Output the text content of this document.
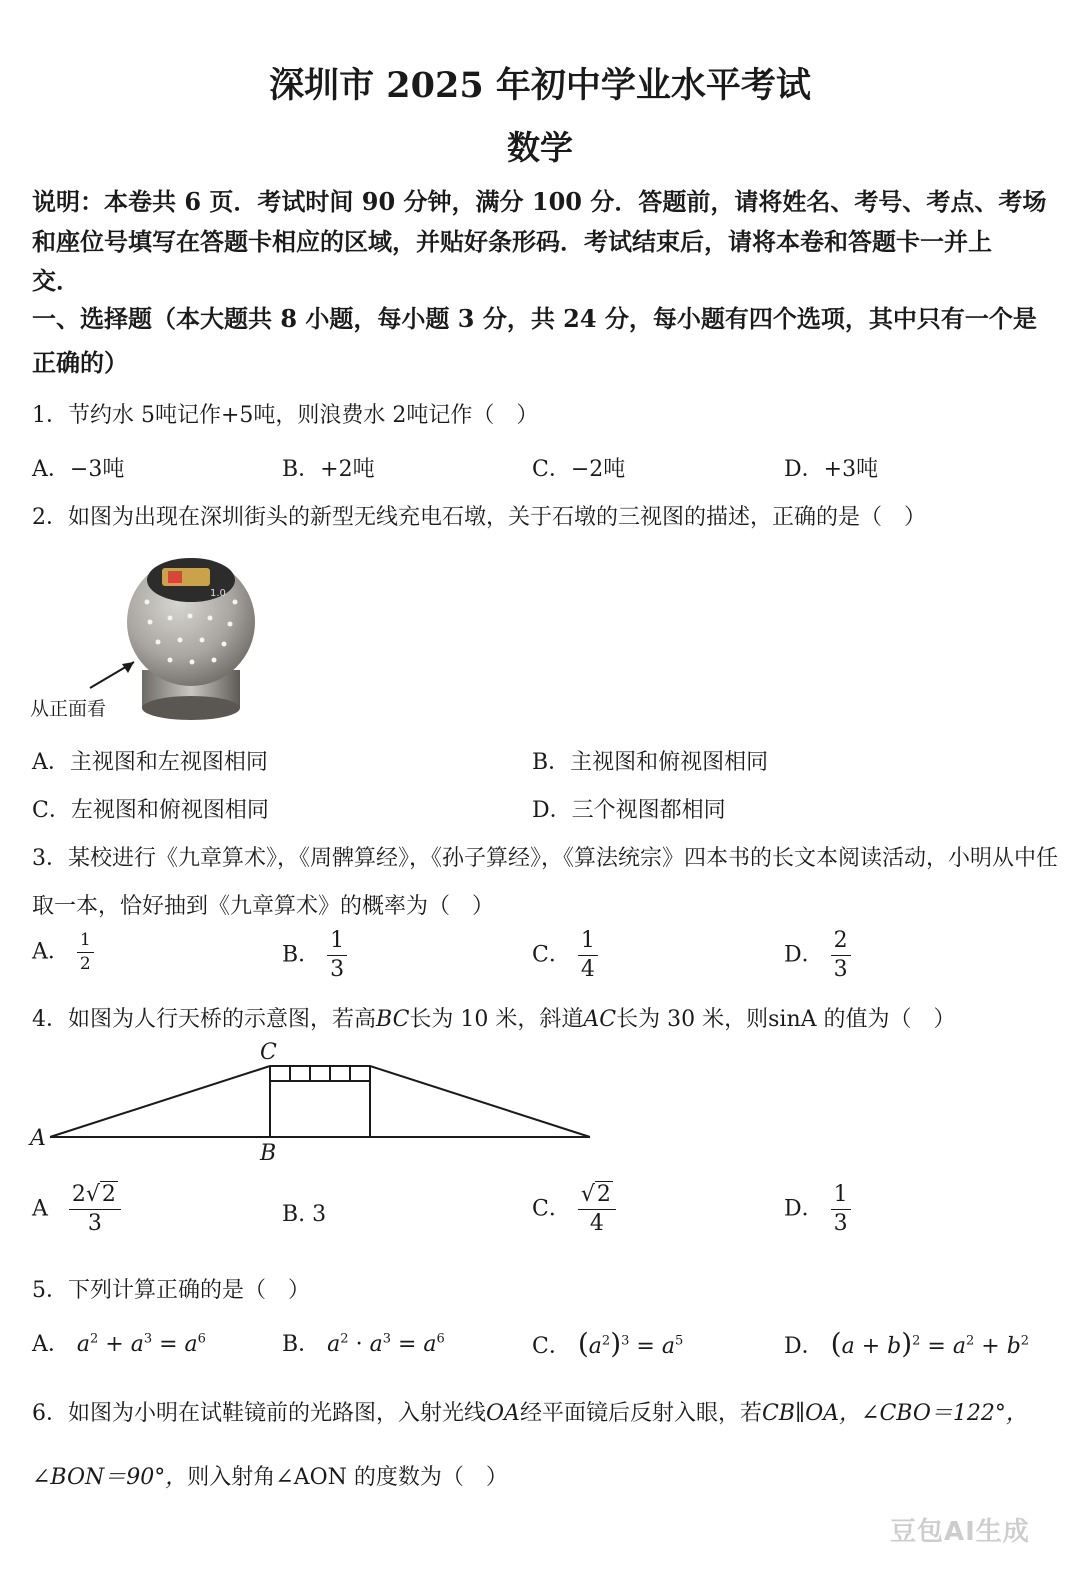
深圳市 2025 年初中学业水平考试
数学
说明：本卷共 6 页．考试时间 90 分钟，满分 100 分．答题前，请将姓名、考号、考点、考场
和座位号填写在答题卡相应的区域，并贴好条形码．考试结束后，请将本卷和答题卡一并上
交．
一、选择题（本大题共 8 小题，每小题 3 分，共 24 分，每小题有四个选项，其中只有一个是
正确的）
1．节约水 5吨记作+5吨，则浪费水 2吨记作（　）
A．−3吨	B．+2吨	C．−2吨	D．+3吨
2．如图为出现在深圳街头的新型无线充电石墩，关于石墩的三视图的描述，正确的是（　）
1.0
从正面看
A．主视图和左视图相同	B．主视图和俯视图相同
C．左视图和俯视图相同	D．三个视图都相同
3．某校进行《九章算术》，《周髀算经》，《孙子算经》，《算法统宗》四本书的长文本阅读活动，小明从中任
取一本，恰好抽到《九章算术》的概率为（　）
A． $\frac{1}{2}$	B． $\frac{1}{3}$	C． $\frac{1}{4}$	D． $\frac{2}{3}$
4．如图为人行天桥的示意图，若高BC长为 10 米，斜道AC长为 30 米，则sinA 的值为（　）
C
A
B
A $\frac{2√2}{3}$	B. 3	C． $\frac{√2}{4}$	D． $\frac{1}{3}$
5．下列计算正确的是（　）
A． $a^2 + a^3 = a^6$	B． $a^2 \cdot a^3 = a^6$	C． $(a^2)^3 = a^5$	D． $(a + b)^2 = a^2 + b^2$
6．如图为小明在试鞋镜前的光路图，入射光线OA经平面镜后反射入眼，若CB∥OA，∠CBO＝122°，
∠BON＝90°，则入射角∠AON 的度数为（　）
豆包AI生成
